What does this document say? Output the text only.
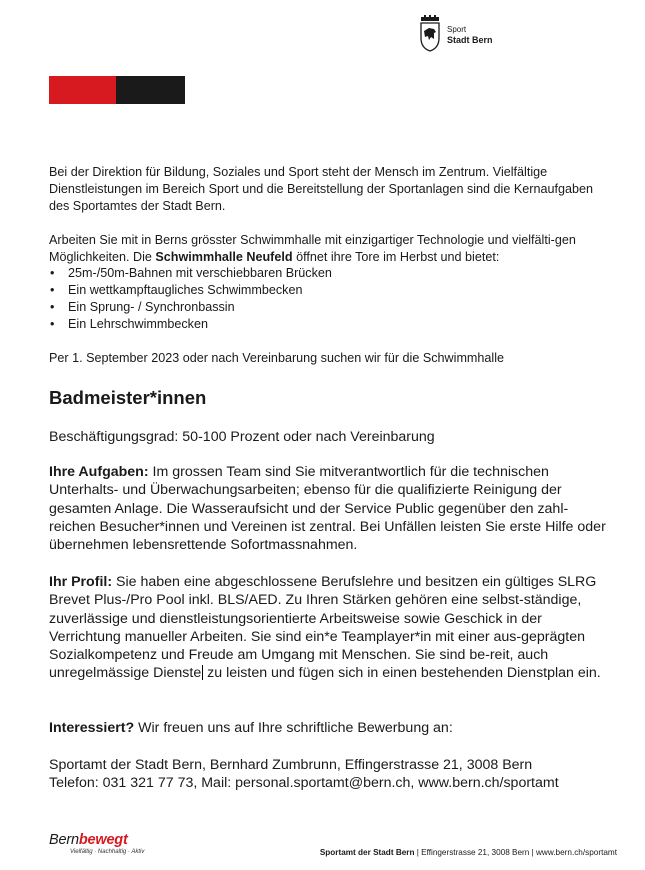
Sport
Stadt Bern

Bei der Direktion für Bildung, Soziales und Sport steht der Mensch im Zentrum. Vielfältige Dienstleistungen im Bereich Sport und die Bereitstellung der Sportanlagen sind die Kernaufgaben des Sportamtes der Stadt Bern.

Arbeiten Sie mit in Berns grösster Schwimmhalle mit einzigartiger Technologie und vielfälti-gen Möglichkeiten. Die Schwimmhalle Neufeld öffnet ihre Tore im Herbst und bietet:

• 25m-/50m-Bahnen mit verschiebbaren Brücken
• Ein wettkampftaugliches Schwimmbecken
• Ein Sprung- / Synchronbassin
• Ein Lehrschwimmbecken

Per 1. September 2023 oder nach Vereinbarung suchen wir für die Schwimmhalle

Badmeister*innen

Beschäftigungsgrad: 50-100 Prozent oder nach Vereinbarung

Ihre Aufgaben: Im grossen Team sind Sie mitverantwortlich für die technischen Unterhalts- und Überwachungsarbeiten; ebenso für die qualifizierte Reinigung der gesamten Anlage. Die Wasseraufsicht und der Service Public gegenüber den zahl-reichen Besucher*innen und Vereinen ist zentral. Bei Unfällen leisten Sie erste Hilfe oder übernehmen lebensrettende Sofortmassnahmen.

Ihr Profil: Sie haben eine abgeschlossene Berufslehre und besitzen ein gültiges SLRG Brevet Plus-/Pro Pool inkl. BLS/AED. Zu Ihren Stärken gehören eine selbst-ständige, zuverlässige und dienstleistungsorientierte Arbeitsweise sowie Geschick in der Verrichtung manueller Arbeiten. Sie sind ein*e Teamplayer*in mit einer aus-geprägten Sozialkompetenz und Freude am Umgang mit Menschen. Sie sind be-reit, auch unregelmässige Dienste zu leisten und fügen sich in einen bestehenden Dienstplan ein.

Interessiert? Wir freuen uns auf Ihre schriftliche Bewerbung an:

Sportamt der Stadt Bern, Bernhard Zumbrunn, Effingerstrasse 21, 3008 Bern
Telefon: 031 321 77 73, Mail: personal.sportamt@bern.ch, www.bern.ch/sportamt

Bernbewegt
Vielfältig · Nachhaltig · Aktiv	Sportamt der Stadt Bern | Effingerstrasse 21, 3008 Bern | www.bern.ch/sportamt
